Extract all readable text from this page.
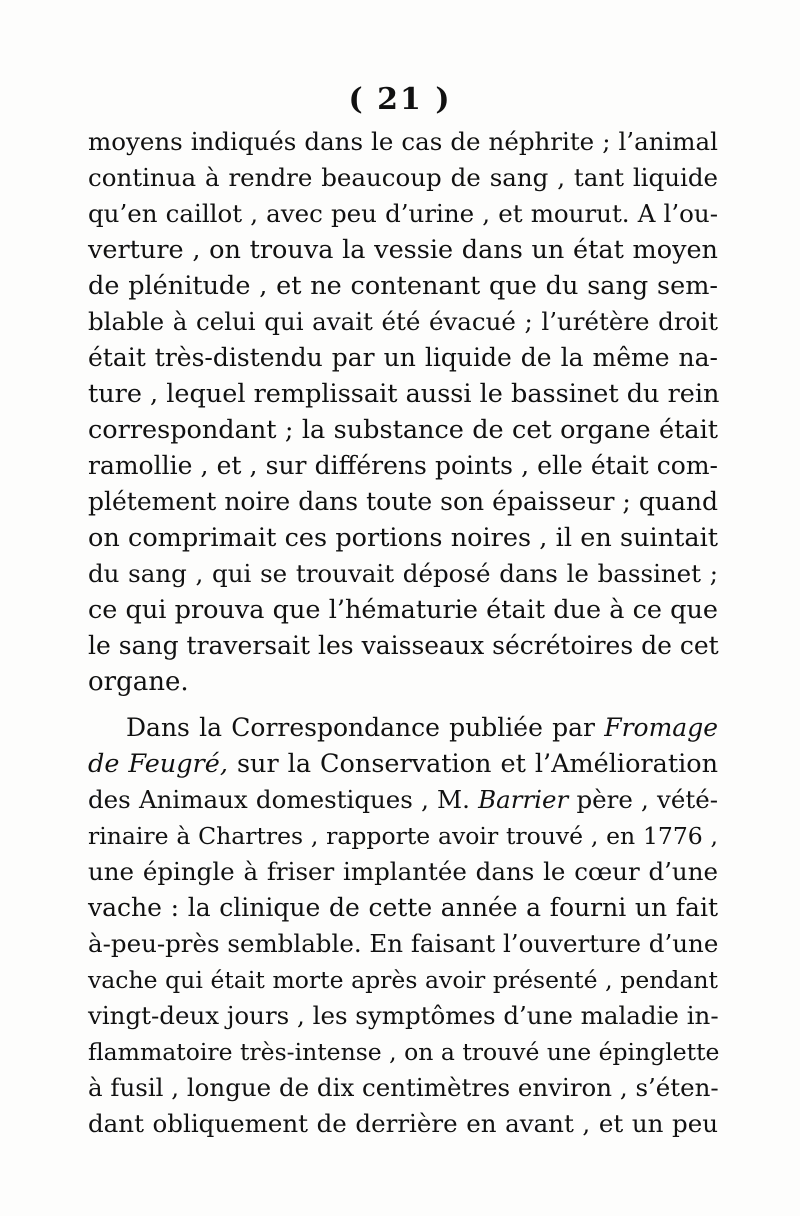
( 21 )
moyens indiqués dans le cas de néphrite ; l’animal
continua à rendre beaucoup de sang , tant liquide
qu’en caillot , avec peu d’urine , et mourut. A l’ou-
verture , on trouva la vessie dans un état moyen
de plénitude , et ne contenant que du sang sem-
blable à celui qui avait été évacué ; l’urétère droit
était très-distendu par un liquide de la même na-
ture , lequel remplissait aussi le bassinet du rein
correspondant ; la substance de cet organe était
ramollie , et , sur différens points , elle était com-
plétement noire dans toute son épaisseur ; quand
on comprimait ces portions noires , il en suintait
du sang , qui se trouvait déposé dans le bassinet ;
ce qui prouva que l’hématurie était due à ce que
le sang traversait les vaisseaux sécrétoires de cet
organe.
Dans la Correspondance publiée par Fromage
de Feugré, sur la Conservation et l’Amélioration
des Animaux domestiques , M. Barrier père , vété-
rinaire à Chartres , rapporte avoir trouvé , en 1776 ,
une épingle à friser implantée dans le cœur d’une
vache : la clinique de cette année a fourni un fait
à-peu-près semblable. En faisant l’ouverture d’une
vache qui était morte après avoir présenté , pendant
vingt-deux jours , les symptômes d’une maladie in-
flammatoire très-intense , on a trouvé une épinglette
à fusil , longue de dix centimètres environ , s’éten-
dant obliquement de derrière en avant , et un peu
